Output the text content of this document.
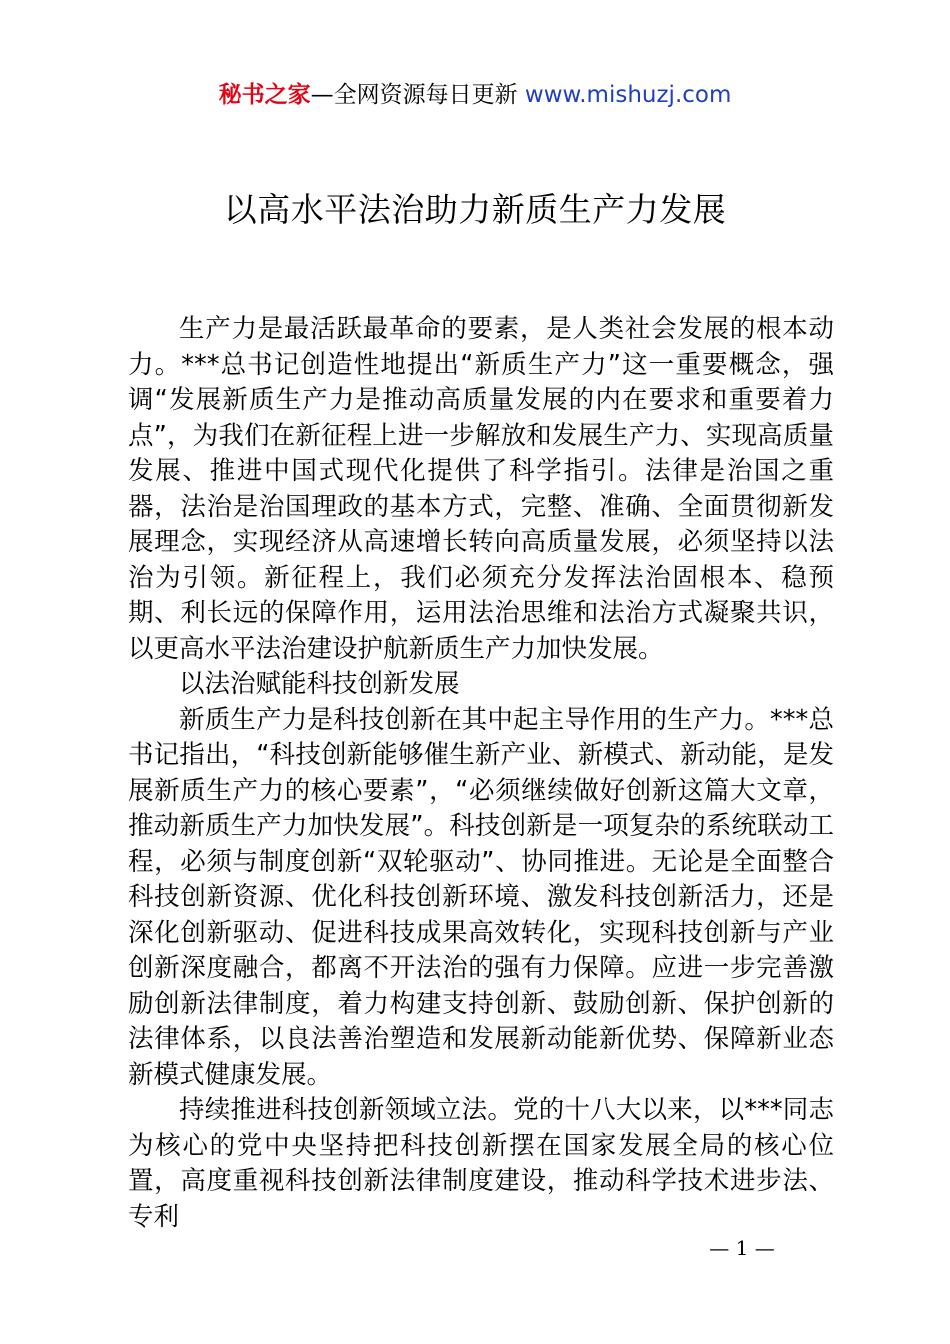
秘书之家—全网资源每日更新 www.mishuzj.com
以高水平法治助力新质生产力发展

生产力是最活跃最革命的要素，是人类社会发展的根本动力。***总书记创造性地提出“新质生产力”这一重要概念，强调“发展新质生产力是推动高质量发展的内在要求和重要着力点”，为我们在新征程上进一步解放和发展生产力、实现高质量发展、推进中国式现代化提供了科学指引。法律是治国之重器，法治是治国理政的基本方式，完整、准确、全面贯彻新发展理念，实现经济从高速增长转向高质量发展，必须坚持以法治为引领。新征程上，我们必须充分发挥法治固根本、稳预期、利长远的保障作用，运用法治思维和法治方式凝聚共识，以更高水平法治建设护航新质生产力加快发展。

以法治赋能科技创新发展

新质生产力是科技创新在其中起主导作用的生产力。***总书记指出，“科技创新能够催生新产业、新模式、新动能，是发展新质生产力的核心要素”，“必须继续做好创新这篇大文章，推动新质生产力加快发展”。科技创新是一项复杂的系统联动工程，必须与制度创新“双轮驱动”、协同推进。无论是全面整合科技创新资源、优化科技创新环境、激发科技创新活力，还是深化创新驱动、促进科技成果高效转化，实现科技创新与产业创新深度融合，都离不开法治的强有力保障。应进一步完善激励创新法律制度，着力构建支持创新、鼓励创新、保护创新的法律体系，以良法善治塑造和发展新动能新优势、保障新业态新模式健康发展。

持续推进科技创新领域立法。党的十八大以来，以***同志为核心的党中央坚持把科技创新摆在国家发展全局的核心位置，高度重视科技创新法律制度建设，推动科学技术进步法、专利

— 1 —
